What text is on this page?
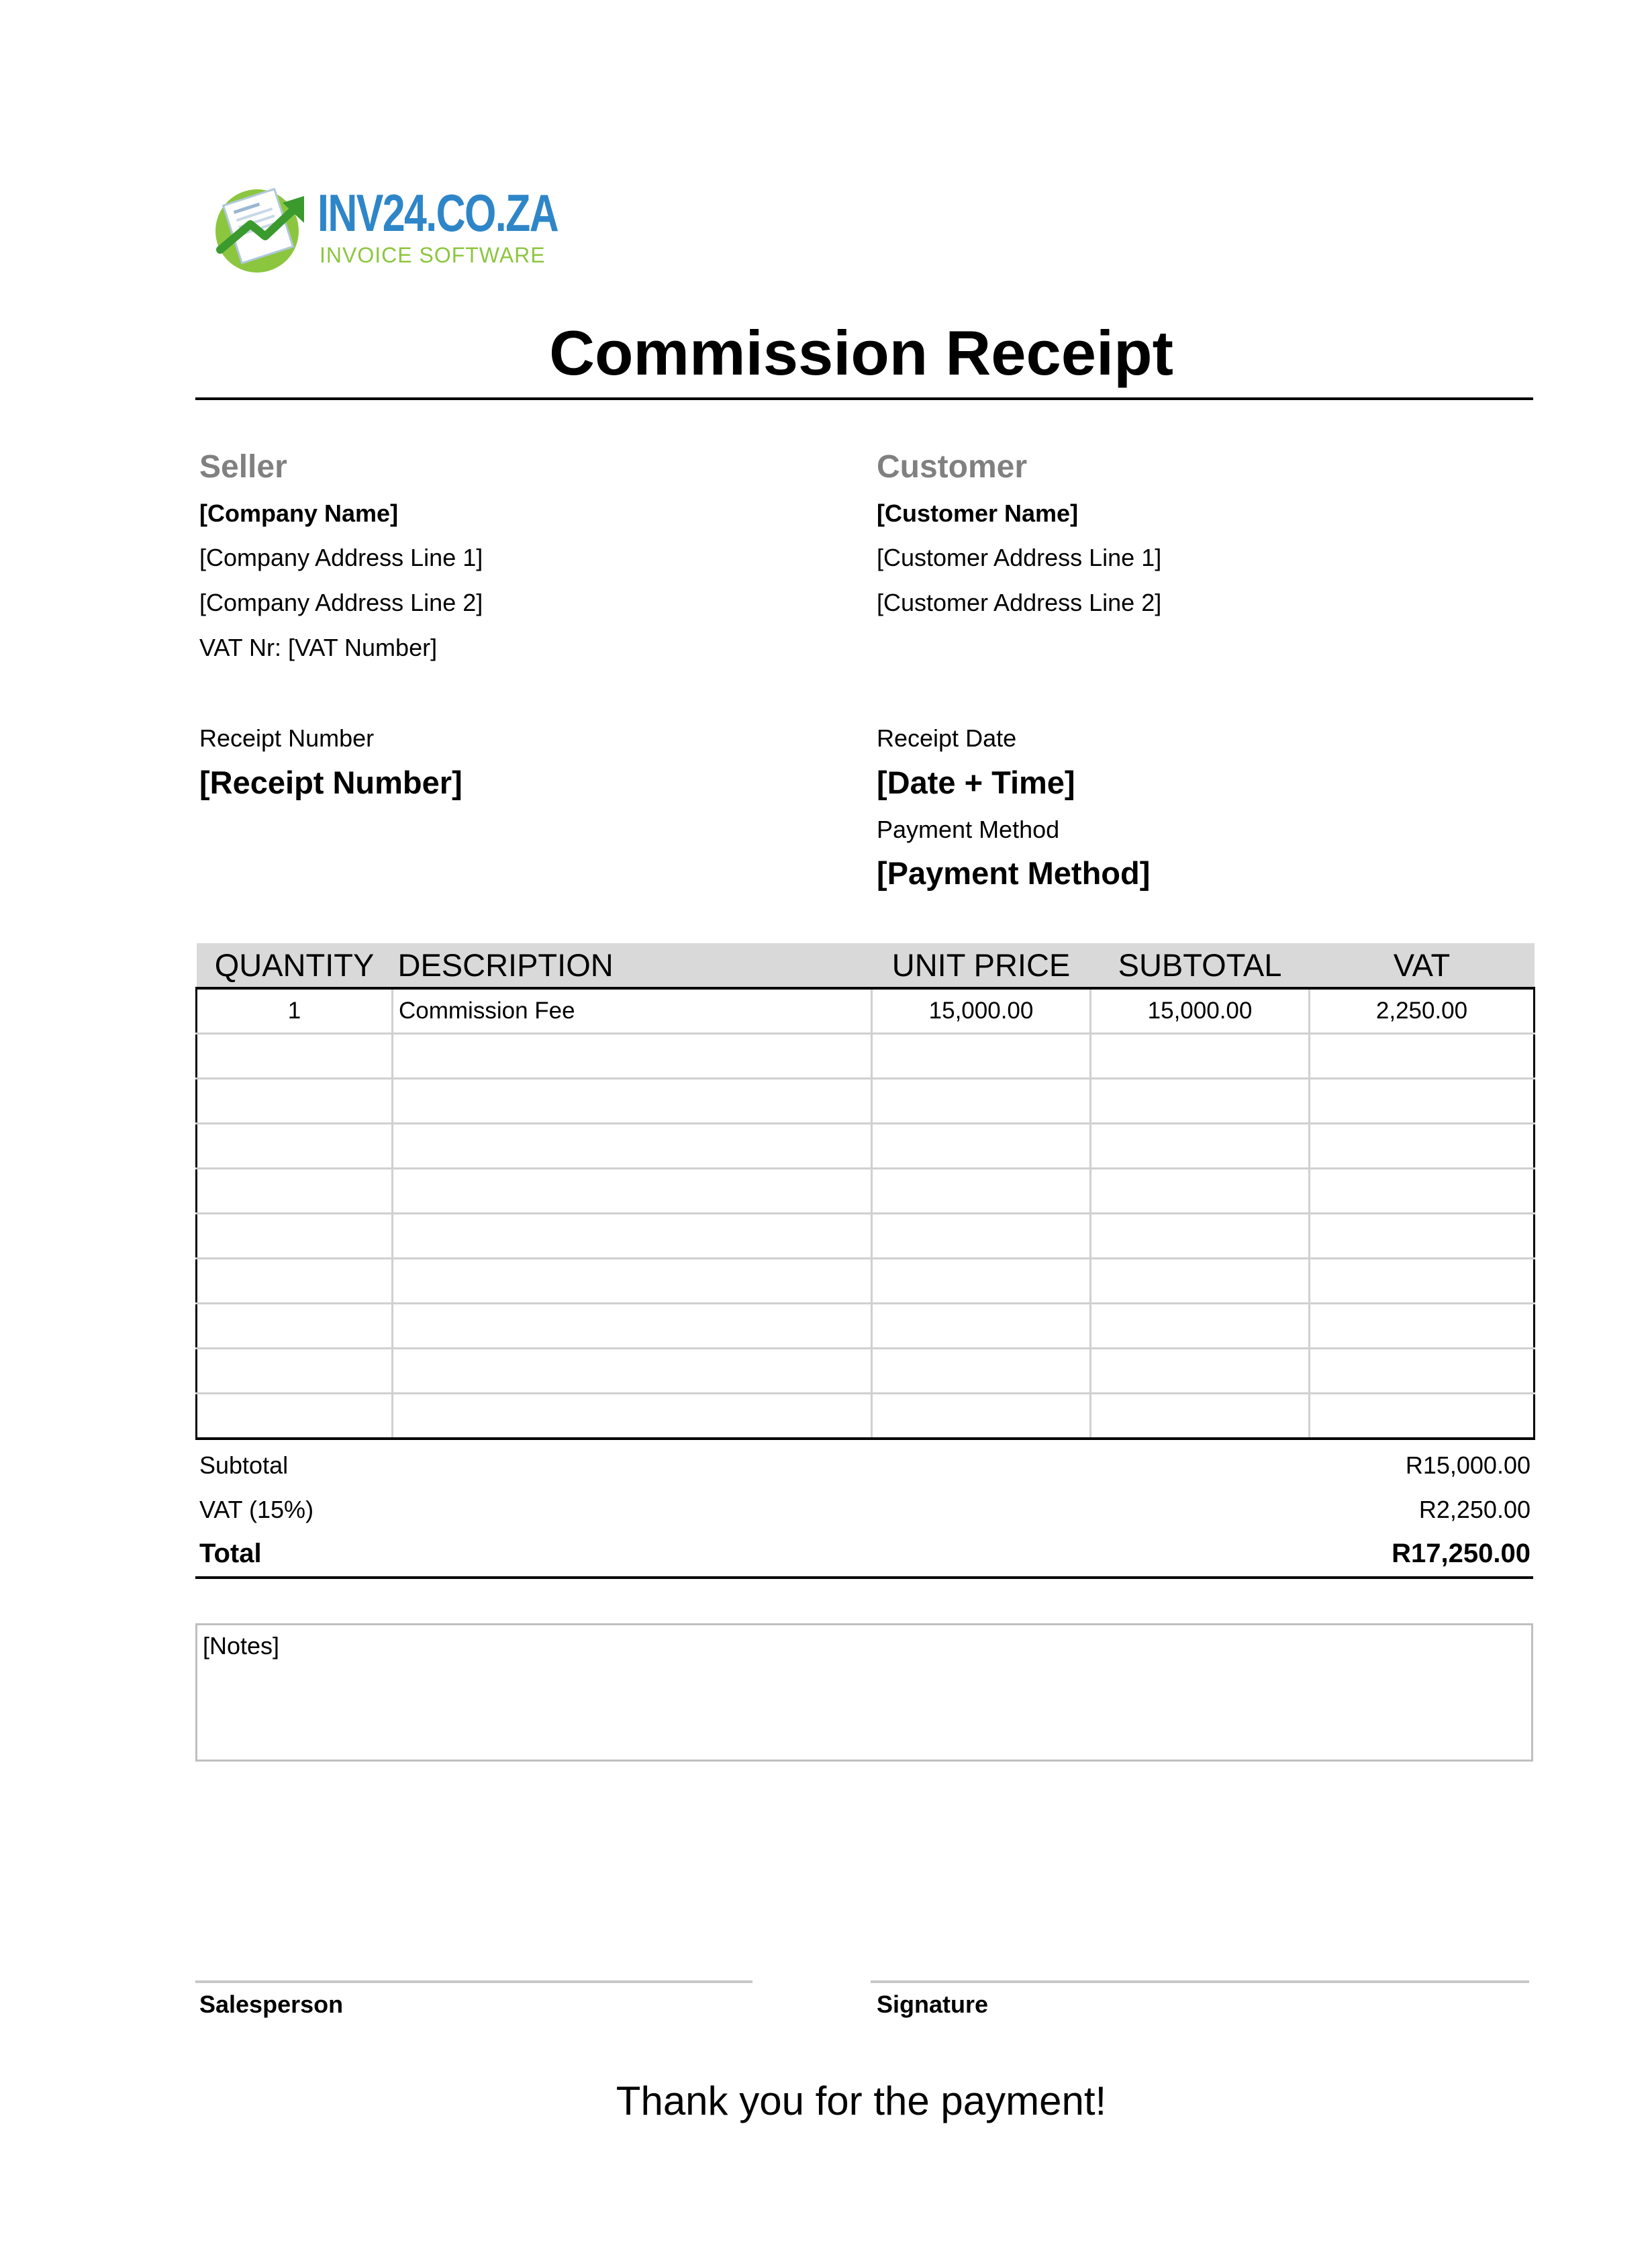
INV24.CO.ZA
INVOICE SOFTWARE
Commission Receipt
Seller
[Company Name]
[Company Address Line 1]
[Company Address Line 2]
VAT Nr: [VAT Number]
Customer
[Customer Name]
[Customer Address Line 1]
[Customer Address Line 2]
Receipt Number
[Receipt Number]
Receipt Date
[Date + Time]
Payment Method
[Payment Method]
QUANTITY	DESCRIPTION	UNIT PRICE	SUBTOTAL	VAT
1	Commission Fee	15,000.00	15,000.00	2,250.00

Subtotal	R15,000.00
VAT (15%)	R2,250.00
Total	R17,250.00
[Notes]
Salesperson	Signature
Thank you for the payment!
